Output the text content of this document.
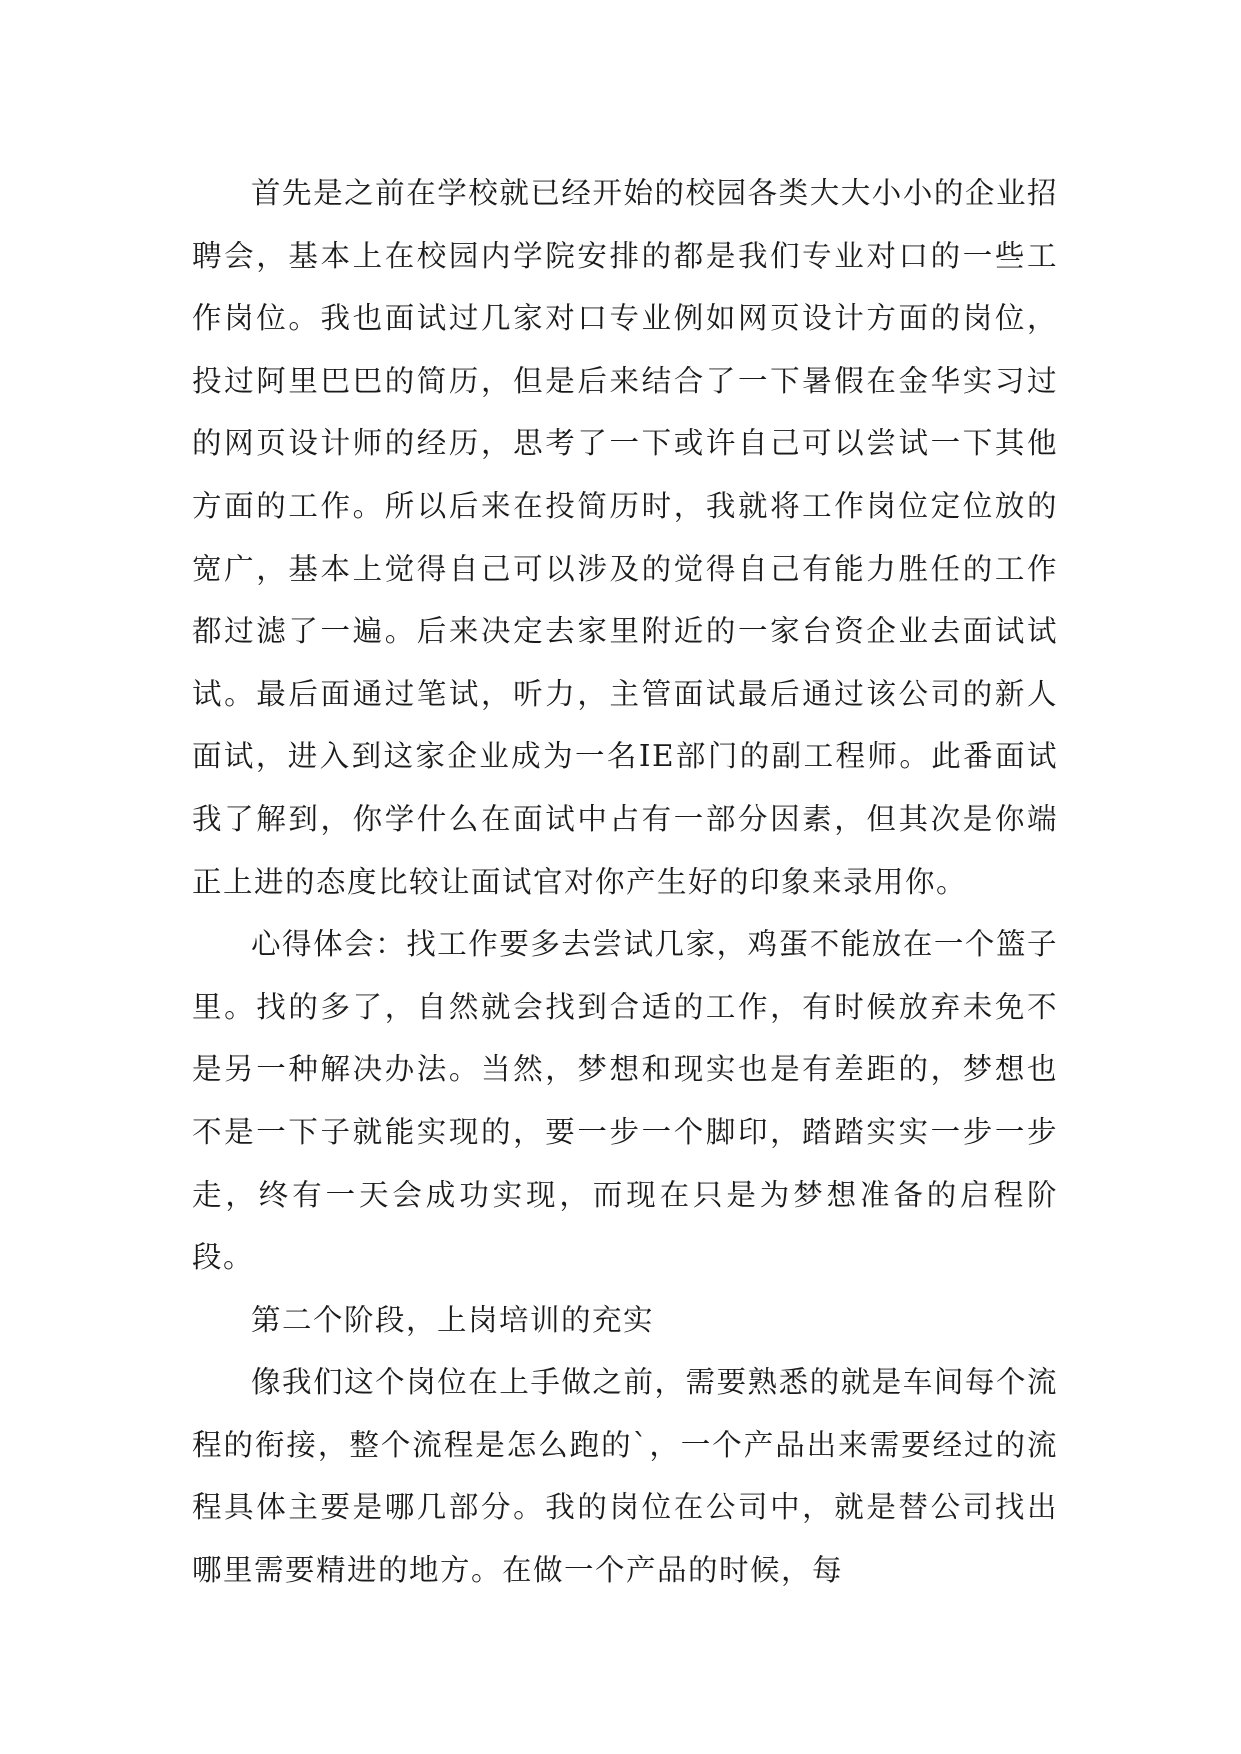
首先是之前在学校就已经开始的校园各类大大小小的企业招聘会，基本上在校园内学院安排的都是我们专业对口的一些工作岗位。我也面试过几家对口专业例如网页设计方面的岗位，投过阿里巴巴的简历，但是后来结合了一下暑假在金华实习过的网页设计师的经历，思考了一下或许自己可以尝试一下其他方面的工作。所以后来在投简历时，我就将工作岗位定位放的宽广，基本上觉得自己可以涉及的觉得自己有能力胜任的工作都过滤了一遍。后来决定去家里附近的一家台资企业去面试试试。最后面通过笔试，听力，主管面试最后通过该公司的新人面试，进入到这家企业成为一名IE部门的副工程师。此番面试我了解到，你学什么在面试中占有一部分因素，但其次是你端正上进的态度比较让面试官对你产生好的印象来录用你。

心得体会：找工作要多去尝试几家，鸡蛋不能放在一个篮子里。找的多了，自然就会找到合适的工作，有时候放弃未免不是另一种解决办法。当然，梦想和现实也是有差距的，梦想也不是一下子就能实现的，要一步一个脚印，踏踏实实一步一步走，终有一天会成功实现，而现在只是为梦想准备的启程阶段。

第二个阶段，上岗培训的充实

像我们这个岗位在上手做之前，需要熟悉的就是车间每个流程的衔接，整个流程是怎么跑的`，一个产品出来需要经过的流程具体主要是哪几部分。我的岗位在公司中，就是替公司找出哪里需要精进的地方。在做一个产品的时候，每
